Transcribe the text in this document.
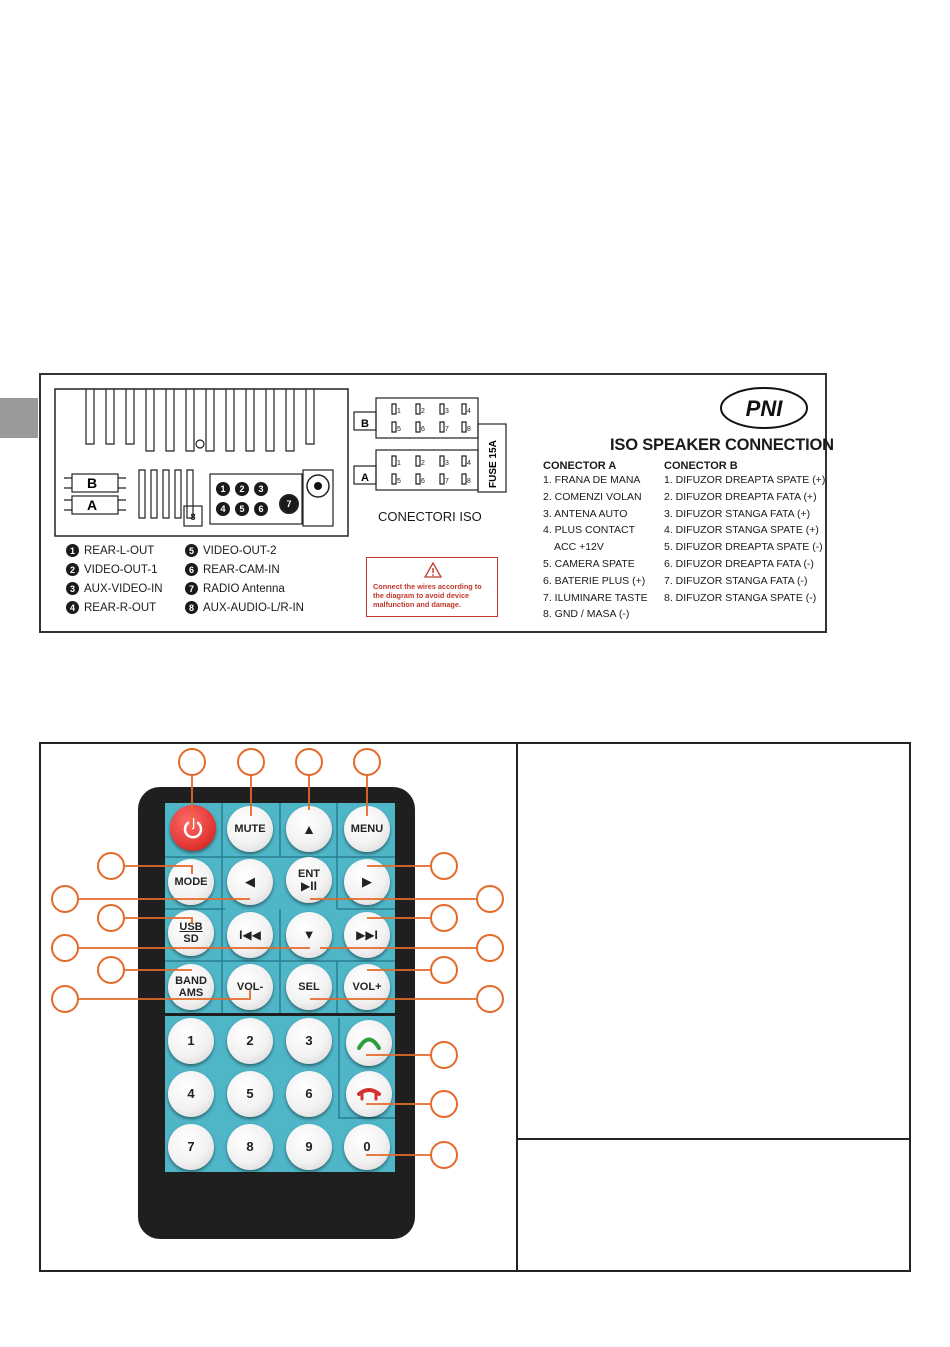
1 2 3
4 5 6	7
8
B
A
1 REAR-L-OUT
2 VIDEO-OUT-1
3 AUX-VIDEO-IN
4 REAR-R-OUT
5 VIDEO-OUT-2
6 REAR-CAM-IN
7 RADIO Antenna
8 AUX-AUDIO-L/R-IN
1	2	3	4
5	6	7	8
1	2	3	4
5	6	7	8
B
A	FUSE 15A
CONECTORI ISO
Connect the wires according to the diagram to avoid device malfunction and damage.
PNI
ISO SPEAKER CONNECTION
CONECTOR A
1. FRANA DE MANA
2. COMENZI VOLAN
3. ANTENA AUTO
4. PLUS CONTACT
ACC +12V
5. CAMERA SPATE
6. BATERIE PLUS (+)
7. ILUMINARE TASTE
8. GND / MASA (-)
CONECTOR B
1. DIFUZOR DREAPTA SPATE (+)
2. DIFUZOR DREAPTA FATA (+)
3. DIFUZOR STANGA FATA (+)
4. DIFUZOR STANGA SPATE (+)
5. DIFUZOR DREAPTA SPATE (-)
6. DIFUZOR DREAPTA FATA (-)
7. DIFUZOR STANGA FATA (-)
8. DIFUZOR STANGA SPATE (-)
MUTE	▲	MENU
MODE	◀	ENT
▶II	▶
USB
SD	I◀◀	▼	▶▶I
BAND
AMS	VOL-	SEL	VOL+
1	2	3
4	5	6
7	8	9	0
